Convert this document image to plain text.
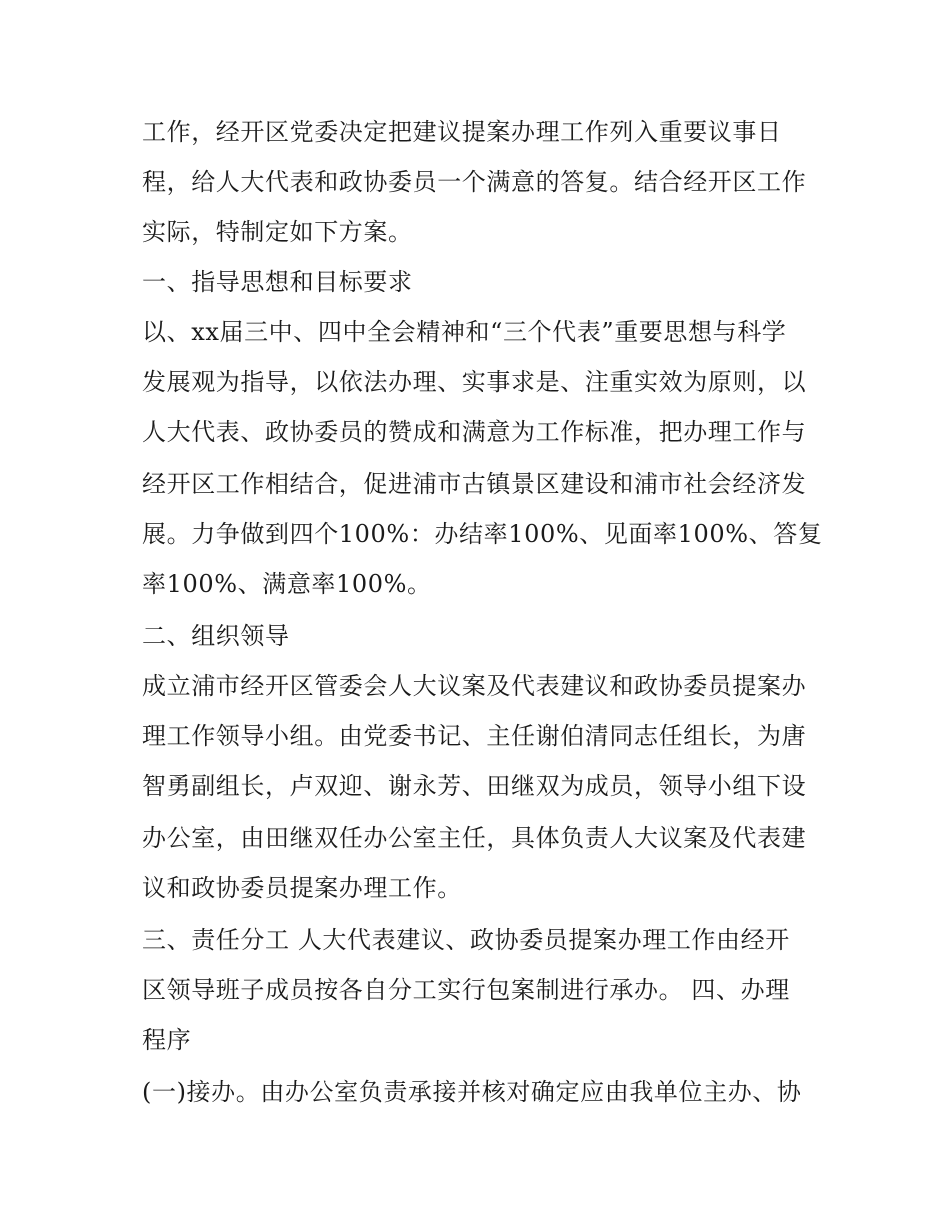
工作，经开区党委决定把建议提案办理工作列入重要议事日
程，给人大代表和政协委员一个满意的答复。结合经开区工作
实际，特制定如下方案。
一、指导思想和目标要求
以、xx届三中、四中全会精神和“三个代表”重要思想与科学
发展观为指导，以依法办理、实事求是、注重实效为原则，以
人大代表、政协委员的赞成和满意为工作标准，把办理工作与
经开区工作相结合，促进浦市古镇景区建设和浦市社会经济发
展。力争做到四个100%：办结率100%、见面率100%、答复
率100%、满意率100%。
二、组织领导
成立浦市经开区管委会人大议案及代表建议和政协委员提案办
理工作领导小组。由党委书记、主任谢伯清同志任组长，为唐
智勇副组长，卢双迎、谢永芳、田继双为成员，领导小组下设
办公室，由田继双任办公室主任，具体负责人大议案及代表建
议和政协委员提案办理工作。
三、责任分工 人大代表建议、政协委员提案办理工作由经开
区领导班子成员按各自分工实行包案制进行承办。 四、办理
程序
(一)接办。由办公室负责承接并核对确定应由我单位主办、协
